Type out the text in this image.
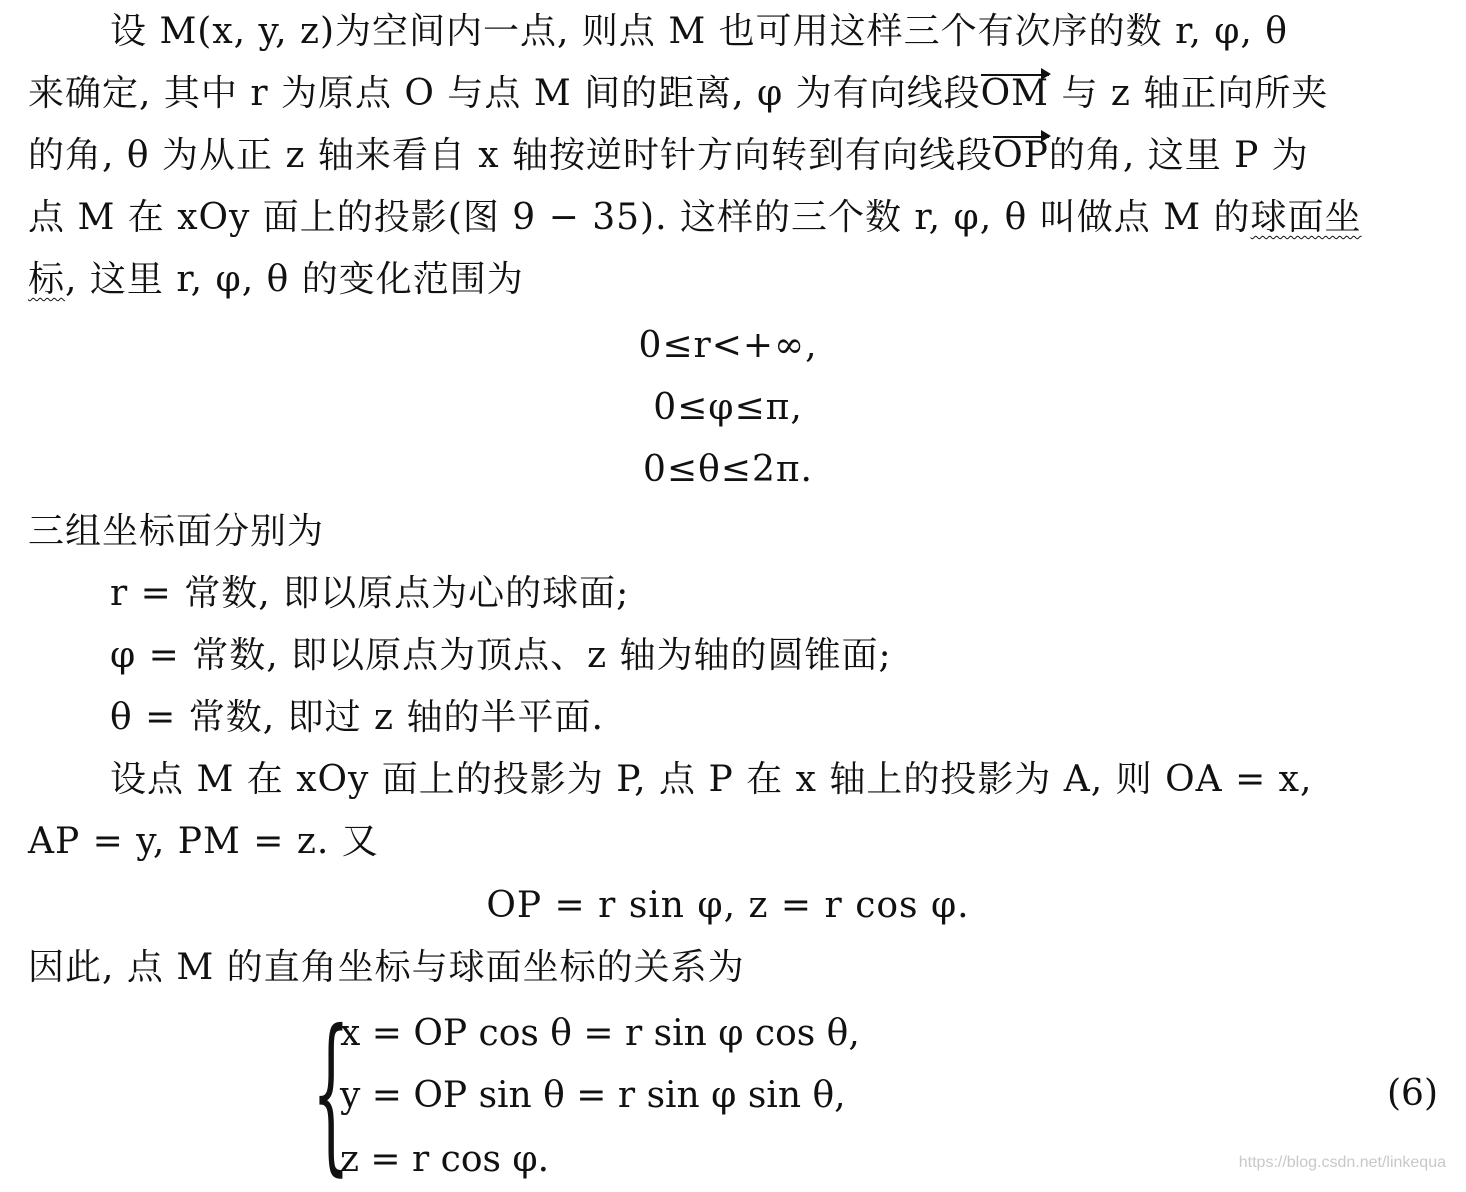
设 M(x, y, z)为空间内一点, 则点 M 也可用这样三个有次序的数 r, φ, θ
来确定, 其中 r 为原点 O 与点 M 间的距离, φ 为有向线段OM 与 z 轴正向所夹
的角, θ 为从正 z 轴来看自 x 轴按逆时针方向转到有向线段OP的角, 这里 P 为
点 M 在 xOy 面上的投影(图 9 − 35). 这样的三个数 r, φ, θ 叫做点 M 的球面坐
标, 这里 r, φ, θ 的变化范围为
0≤r<+∞,
0≤φ≤π,
0≤θ≤2π.
三组坐标面分别为
r = 常数, 即以原点为心的球面;
φ = 常数, 即以原点为顶点、z 轴为轴的圆锥面;
θ = 常数, 即过 z 轴的半平面.
设点 M 在 xOy 面上的投影为 P, 点 P 在 x 轴上的投影为 A, 则 OA = x,
AP = y, PM = z. 又
OP = r sin φ, z = r cos φ.
因此, 点 M 的直角坐标与球面坐标的关系为
{
x = OP cos θ = r sin φ cos θ,
y = OP sin θ = r sin φ sin θ,
z = r cos φ.
(6)
https://blog.csdn.net/linkequa
